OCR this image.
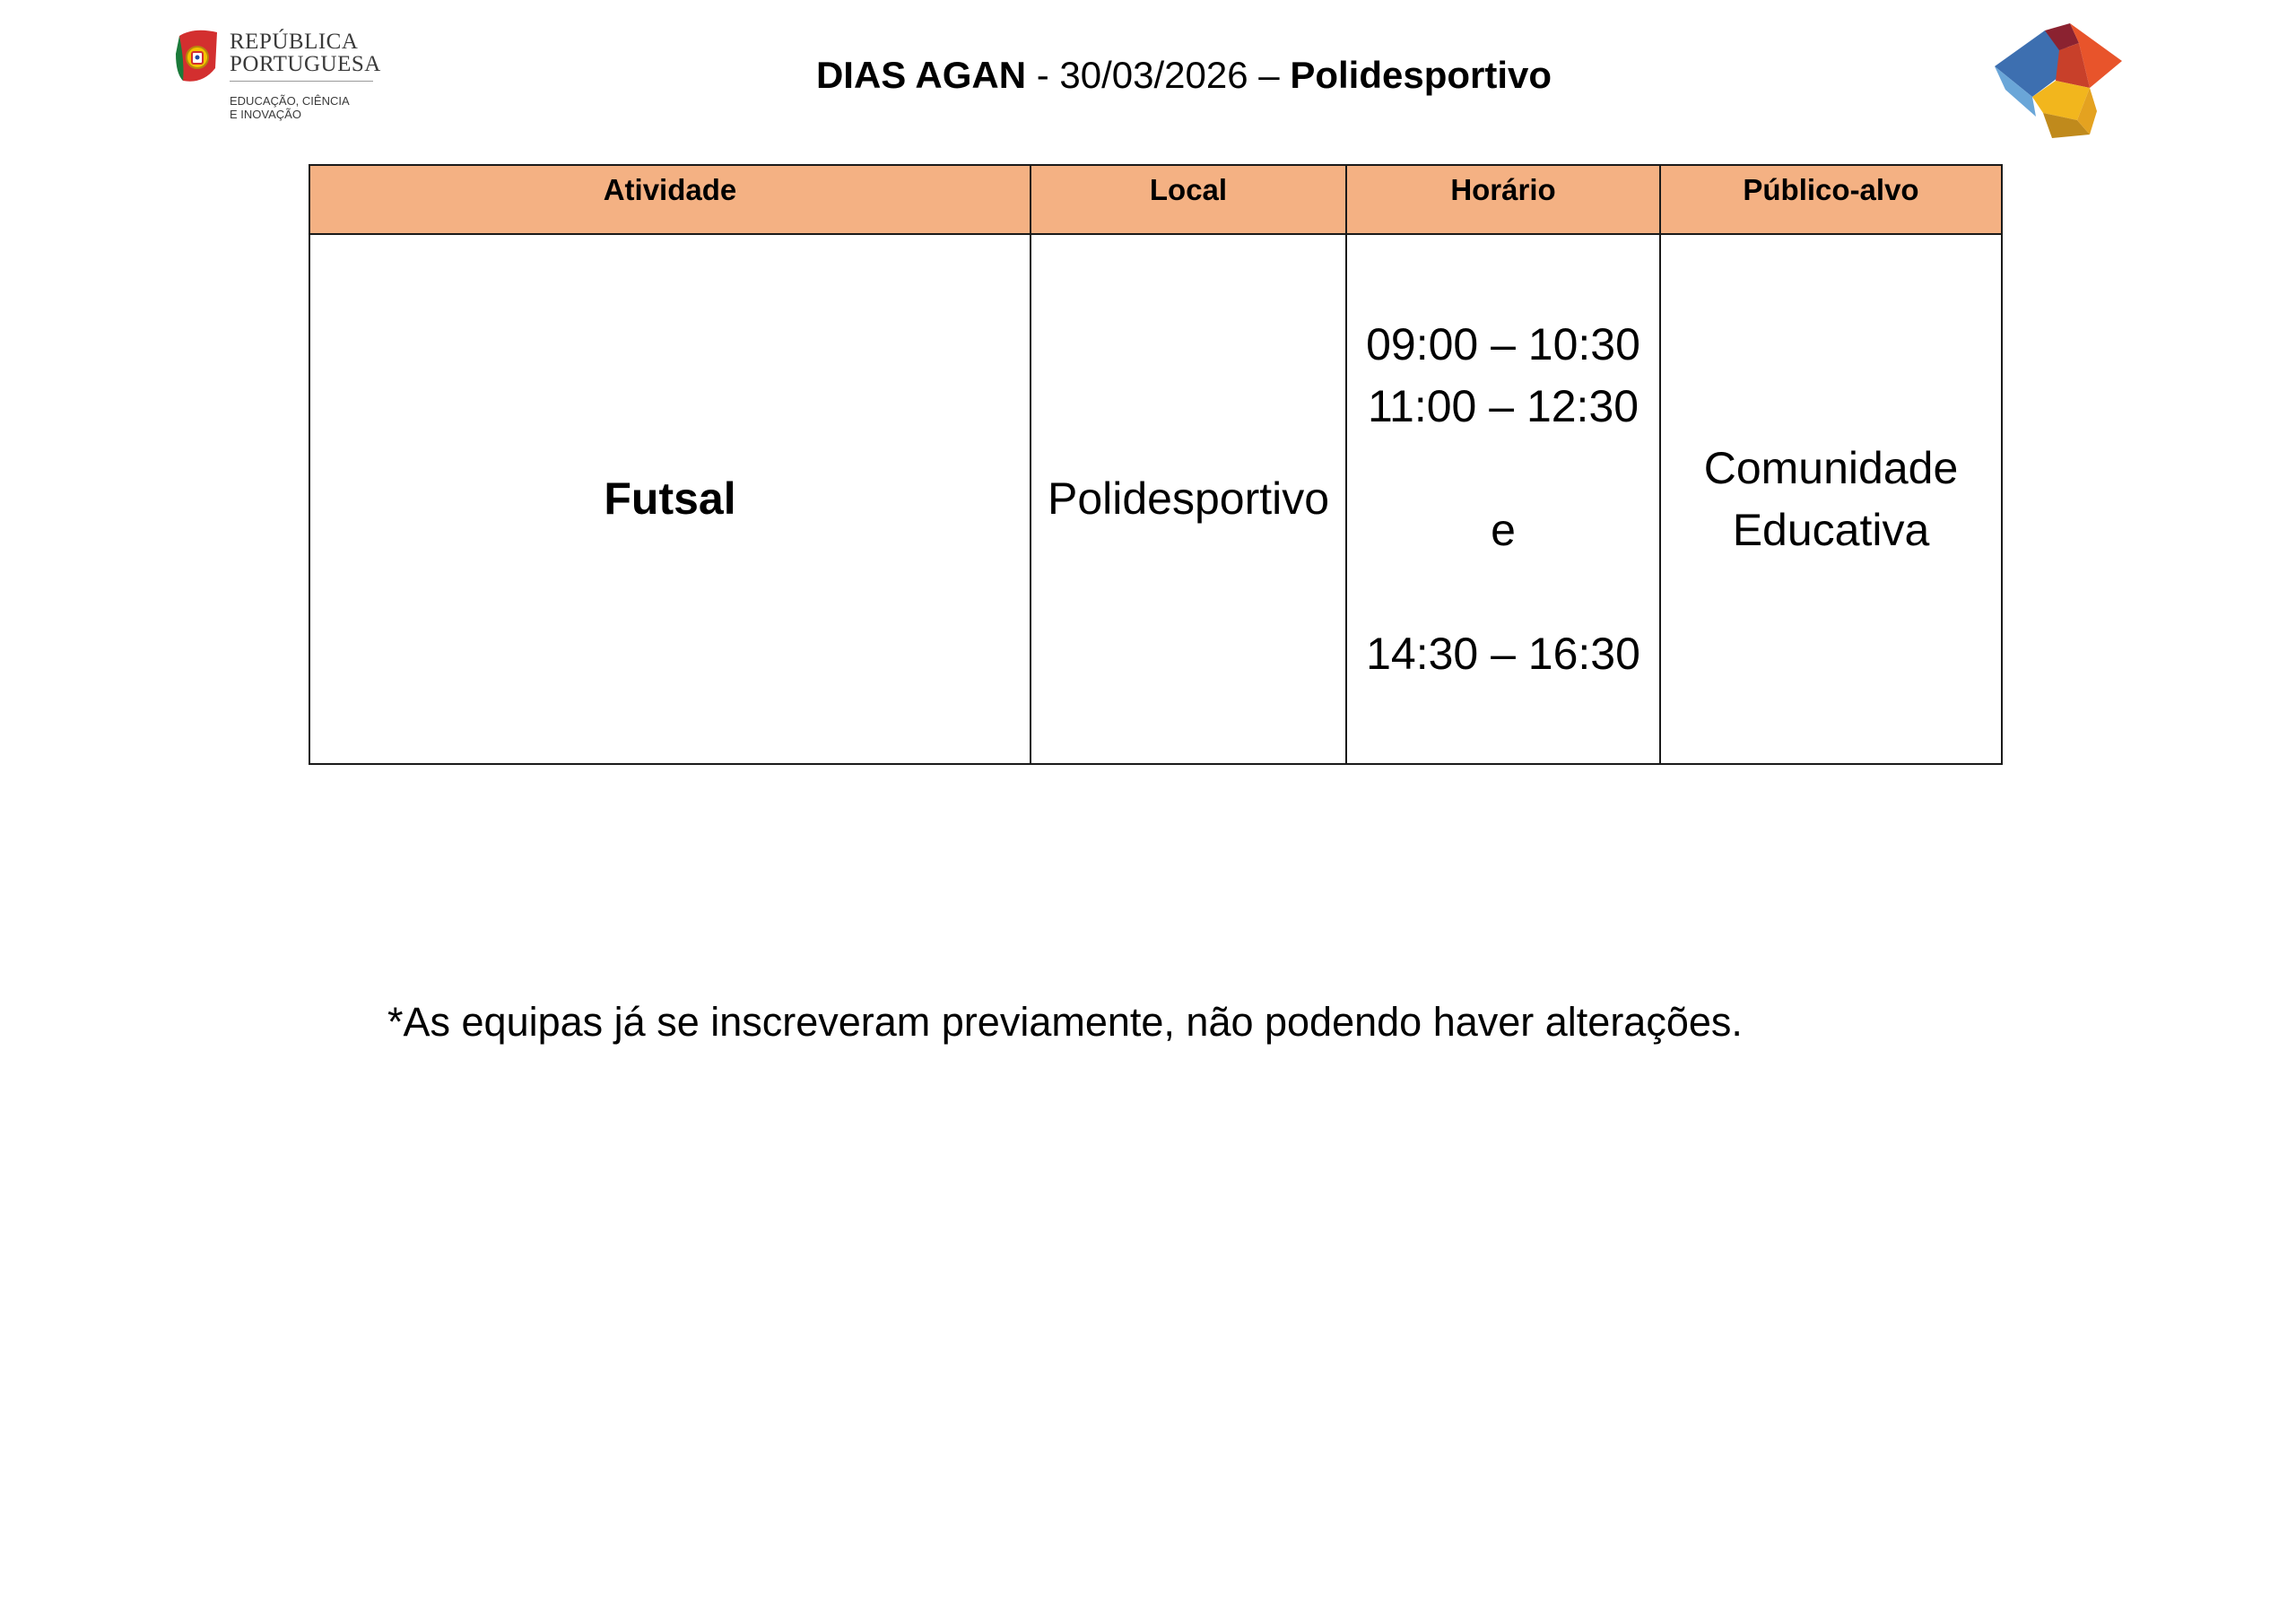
REPÚBLICA
PORTUGUESA
EDUCAÇÃO, CIÊNCIA
E INOVAÇÃO
DIAS AGAN - 30/03/2026 – Polidesportivo
Atividade	Local	Horário	Público-alvo
Futsal	Polidesportivo	09:00 – 10:30
11:00 – 12:30
e
14:30 – 16:30	Comunidade
Educativa
*As equipas já se inscreveram previamente, não podendo haver alterações.
